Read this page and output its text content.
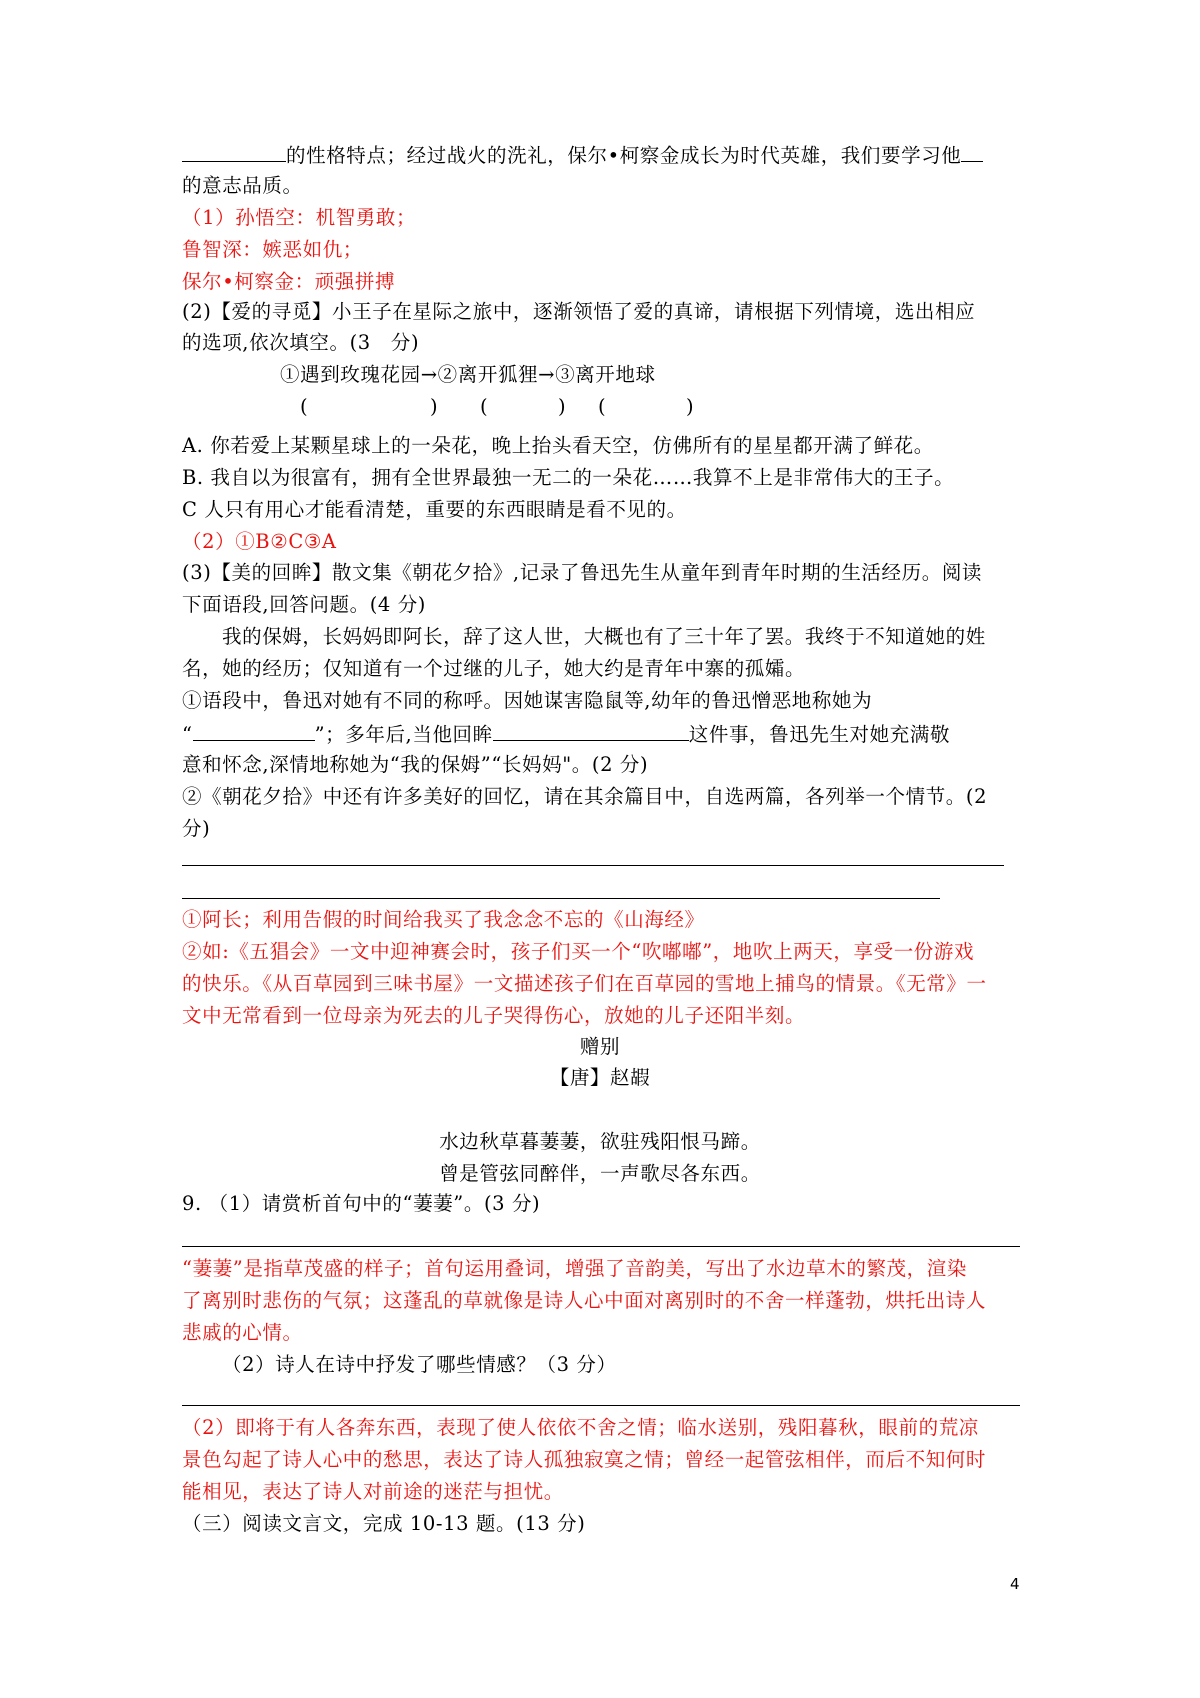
的性格特点；经过战火的洗礼，保尔•柯察金成长为时代英雄，我们要学习他
的意志品质。
（1）孙悟空：机智勇敢；
鲁智深：嫉恶如仇；
保尔•柯察金：顽强拼搏
(2)【爱的寻觅】小王子在星际之旅中，逐渐领悟了爱的真谛，请根据下列情境，选出相应
的选项,依次填空。(3　分)
①遇到玫瑰花园→②离开狐狸→③离开地球
(	) (	) (	)
A. 你若爱上某颗星球上的一朵花，晚上抬头看天空，仿佛所有的星星都开满了鲜花。
B. 我自以为很富有，拥有全世界最独一无二的一朵花……我算不上是非常伟大的王子。
C 人只有用心才能看清楚，重要的东西眼睛是看不见的。
（2）①B②C③A
(3)【美的回眸】散文集《朝花夕拾》,记录了鲁迅先生从童年到青年时期的生活经历。阅读
下面语段,回答问题。(4 分)
我的保姆，长妈妈即阿长，辞了这人世，大概也有了三十年了罢。我终于不知道她的姓
名，她的经历；仅知道有一个过继的儿子，她大约是青年中寨的孤孀。
①语段中，鲁迅对她有不同的称呼。因她谋害隐鼠等,幼年的鲁迅憎恶地称她为
“	”；多年后,当他回眸	这件事，鲁迅先生对她充满敬
意和怀念,深情地称她为“我的保姆”“长妈妈"。(2 分)
②《朝花夕拾》中还有许多美好的回忆，请在其余篇目中，自选两篇，各列举一个情节。(2
分)
①阿长；利用告假的时间给我买了我念念不忘的《山海经》
②如:《五猖会》一文中迎神赛会时，孩子们买一个“吹嘟嘟”，地吹上两天，享受一份游戏
的快乐。《从百草园到三味书屋》一文描述孩子们在百草园的雪地上捕鸟的情景。《无常》一
文中无常看到一位母亲为死去的儿子哭得伤心，放她的儿子还阳半刻。
赠别
【唐】赵嘏
水边秋草暮萋萋，欲驻残阳恨马蹄。
曾是管弦同醉伴，一声歌尽各东西。
9. （1）请赏析首句中的“萋萋”。(3 分)
“萋萋”是指草茂盛的样子；首句运用叠词，增强了音韵美，写出了水边草木的繁茂，渲染
了离别时悲伤的气氛；这蓬乱的草就像是诗人心中面对离别时的不舍一样蓬勃，烘托出诗人
悲戚的心情。
（2）诗人在诗中抒发了哪些情感？（3 分）
（2）即将于有人各奔东西，表现了使人依依不舍之情；临水送别，残阳暮秋，眼前的荒凉
景色勾起了诗人心中的愁思，表达了诗人孤独寂寞之情；曾经一起管弦相伴，而后不知何时
能相见，表达了诗人对前途的迷茫与担忧。
（三）阅读文言文，完成 10-13 题。(13 分)
4
